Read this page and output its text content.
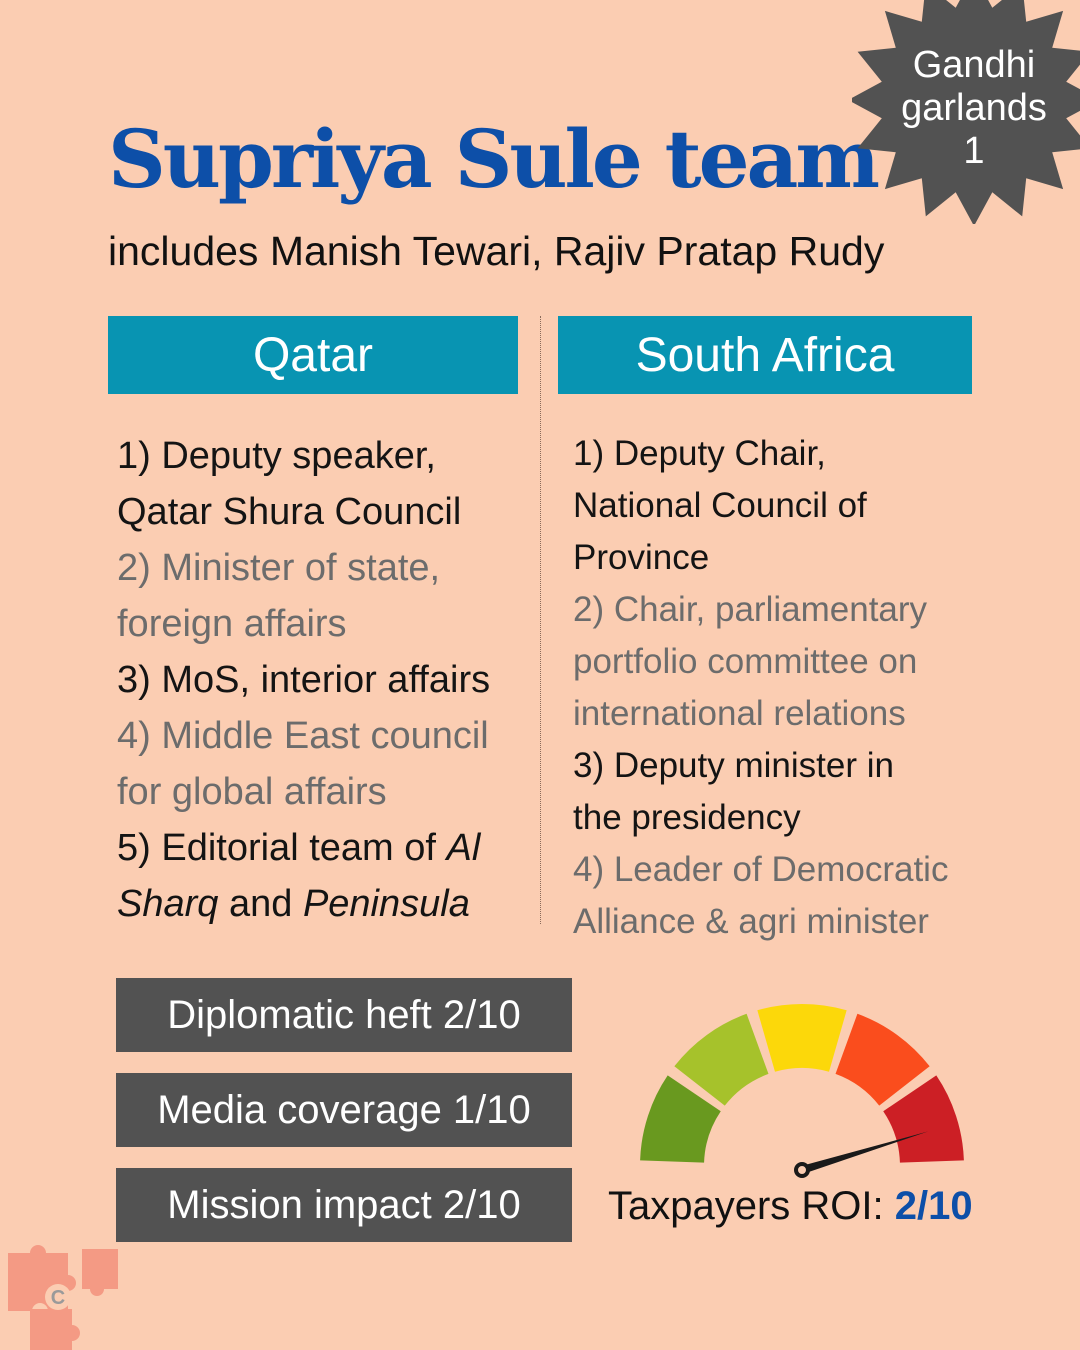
Supriya Sule team
includes Manish Tewari, Rajiv Pratap Rudy
Gandhi
garlands
1
Qatar	South Africa
1) Deputy speaker,
Qatar Shura Council
2) Minister of state,
foreign affairs
3) MoS, interior affairs
4) Middle East council
for global affairs
5) Editorial team of Al
Sharq and Peninsula
1) Deputy Chair,
National Council of
Province
2) Chair, parliamentary
portfolio committee on
international relations
3) Deputy minister in
the presidency
4) Leader of Democratic
Alliance & agri minister
Diplomatic heft 2/10
Media coverage 1/10
Mission impact 2/10	Taxpayers ROI: 2/10
C
